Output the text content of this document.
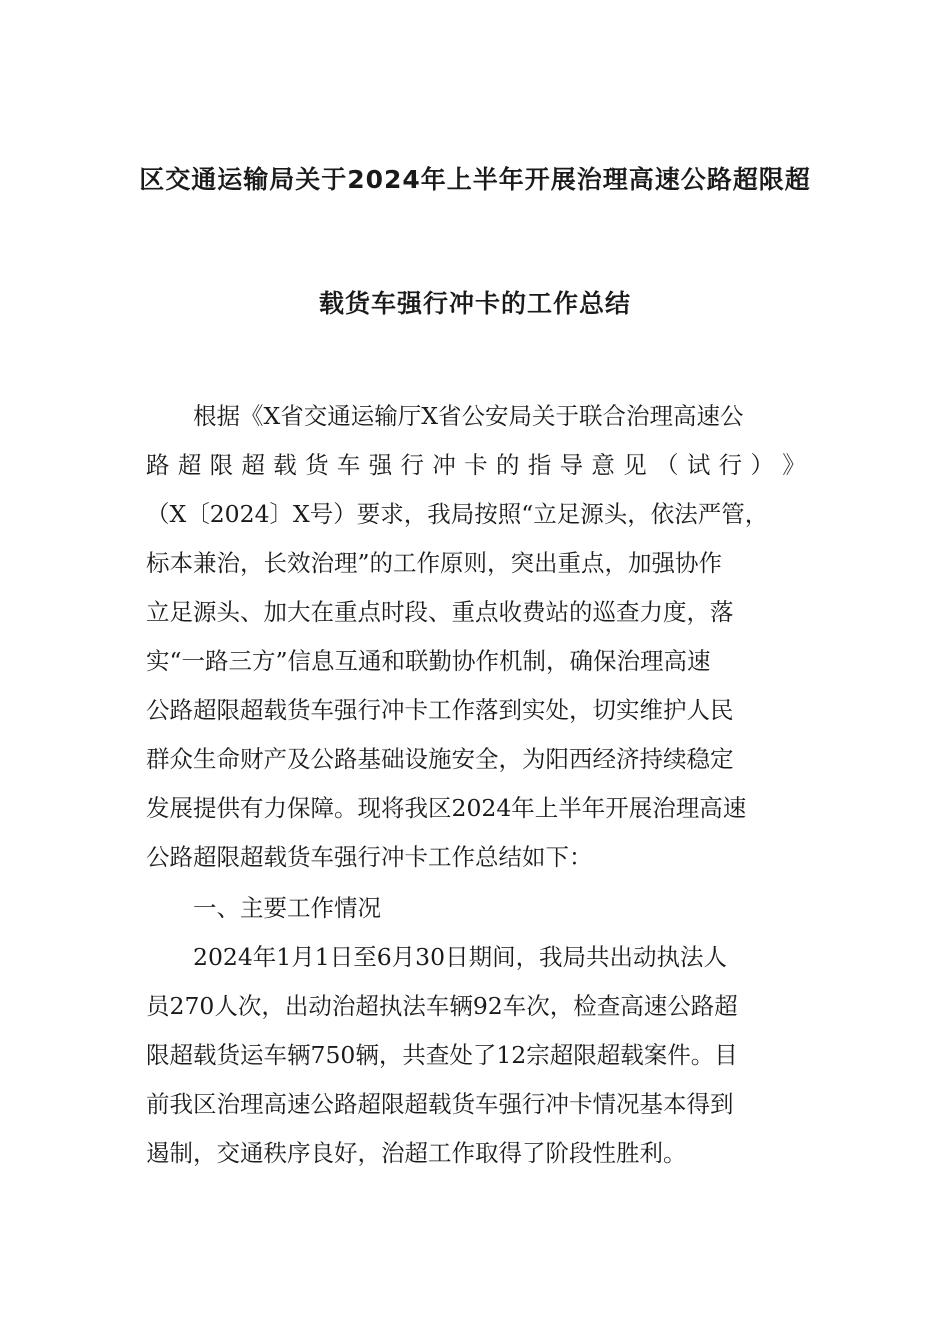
区交通运输局关于2024年上半年开展治理高速公路超限超
载货车强行冲卡的工作总结
根据《X省交通运输厅X省公安局关于联合治理高速公
路 超 限 超 载 货 车 强 行 冲 卡 的 指 导 意 见 （ 试 行 ） 》
（X〔2024〕X号）要求，我局按照“立足源头，依法严管，
标本兼治，长效治理”的工作原则，突出重点，加强协作
立足源头、加大在重点时段、重点收费站的巡查力度，落
实“一路三方”信息互通和联勤协作机制，确保治理高速
公路超限超载货车强行冲卡工作落到实处，切实维护人民
群众生命财产及公路基础设施安全，为阳西经济持续稳定
发展提供有力保障。现将我区2024年上半年开展治理高速
公路超限超载货车强行冲卡工作总结如下：
一、主要工作情况
2024年1月1日至6月30日期间，我局共出动执法人
员270人次，出动治超执法车辆92车次，检查高速公路超
限超载货运车辆750辆，共查处了12宗超限超载案件。目
前我区治理高速公路超限超载货车强行冲卡情况基本得到
遏制，交通秩序良好，治超工作取得了阶段性胜利。
